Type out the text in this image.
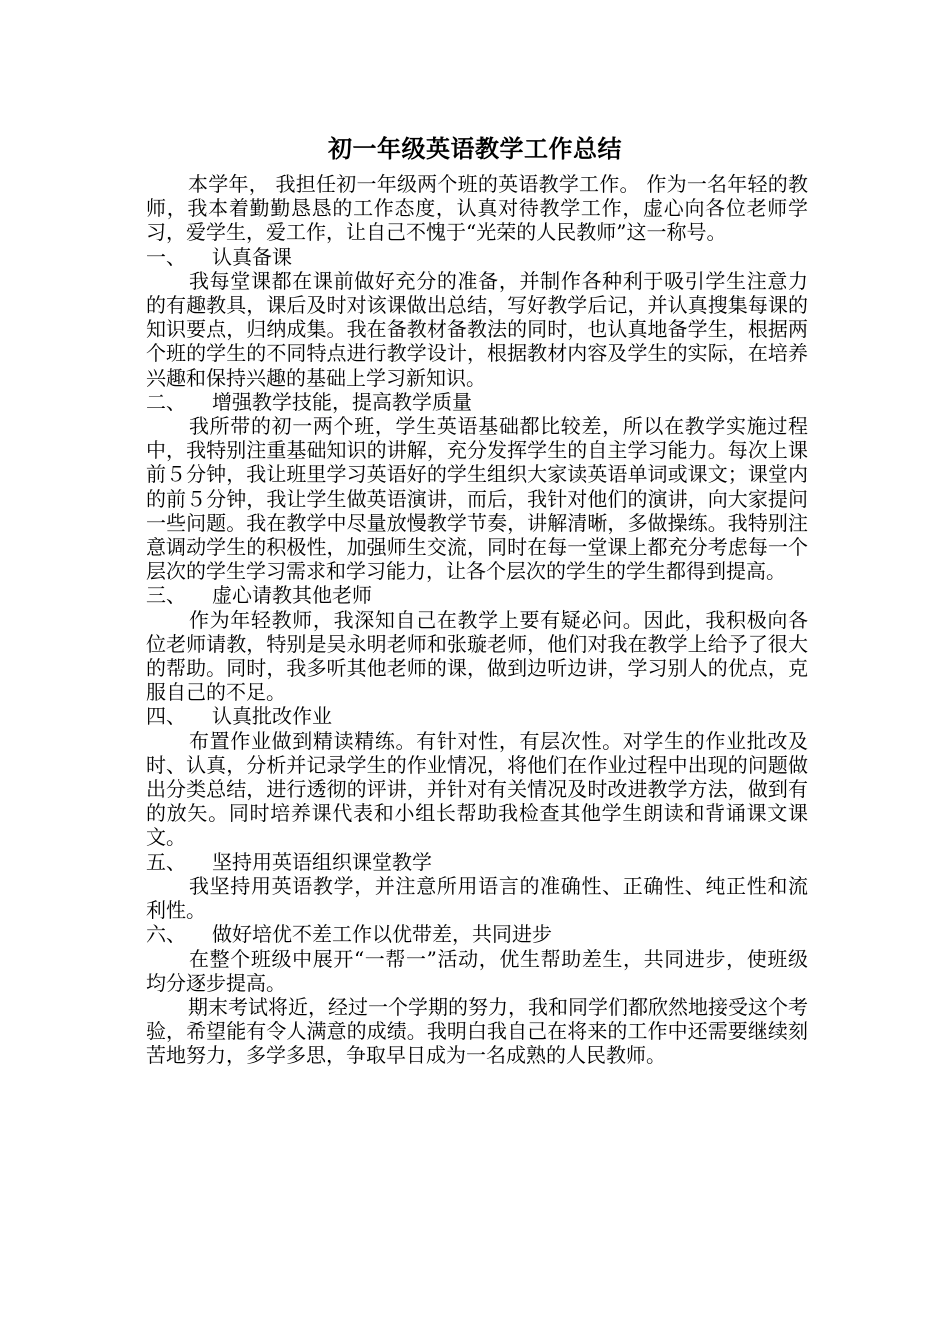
初一年级英语教学工作总结

本学年， 我担任初一年级两个班的英语教学工作。 作为一名年轻的教师，我本着勤勤恳恳的工作态度，认真对待教学工作，虚心向各位老师学习，爱学生，爱工作，让自己不愧于“光荣的人民教师”这一称号。

一、	认真备课

我每堂课都在课前做好充分的准备，并制作各种利于吸引学生注意力的有趣教具，课后及时对该课做出总结，写好教学后记，并认真搜集每课的知识要点，归纳成集。我在备教材备教法的同时，也认真地备学生，根据两个班的学生的不同特点进行教学设计，根据教材内容及学生的实际，在培养兴趣和保持兴趣的基础上学习新知识。

二、	增强教学技能，提高教学质量

我所带的初一两个班，学生英语基础都比较差，所以在教学实施过程中，我特别注重基础知识的讲解，充分发挥学生的自主学习能力。每次上课前５分钟，我让班里学习英语好的学生组织大家读英语单词或课文；课堂内的前５分钟，我让学生做英语演讲，而后，我针对他们的演讲，向大家提问一些问题。我在教学中尽量放慢教学节奏，讲解清晰，多做操练。我特别注意调动学生的积极性，加强师生交流，同时在每一堂课上都充分考虑每一个层次的学生学习需求和学习能力，让各个层次的学生的学生都得到提高。

三、	虚心请教其他老师

作为年轻教师，我深知自己在教学上要有疑必问。因此，我积极向各位老师请教，特别是吴永明老师和张璇老师，他们对我在教学上给予了很大的帮助。同时，我多听其他老师的课，做到边听边讲，学习别人的优点，克服自己的不足。

四、	认真批改作业

布置作业做到精读精练。有针对性，有层次性。对学生的作业批改及时、认真，分析并记录学生的作业情况，将他们在作业过程中出现的问题做出分类总结，进行透彻的评讲，并针对有关情况及时改进教学方法，做到有的放矢。同时培养课代表和小组长帮助我检查其他学生朗读和背诵课文课文。

五、	坚持用英语组织课堂教学

我坚持用英语教学，并注意所用语言的准确性、正确性、纯正性和流利性。

六、	做好培优不差工作以优带差，共同进步

在整个班级中展开“一帮一”活动，优生帮助差生，共同进步，使班级均分逐步提高。

期末考试将近，经过一个学期的努力，我和同学们都欣然地接受这个考验，希望能有令人满意的成绩。我明白我自己在将来的工作中还需要继续刻苦地努力，多学多思，争取早日成为一名成熟的人民教师。
